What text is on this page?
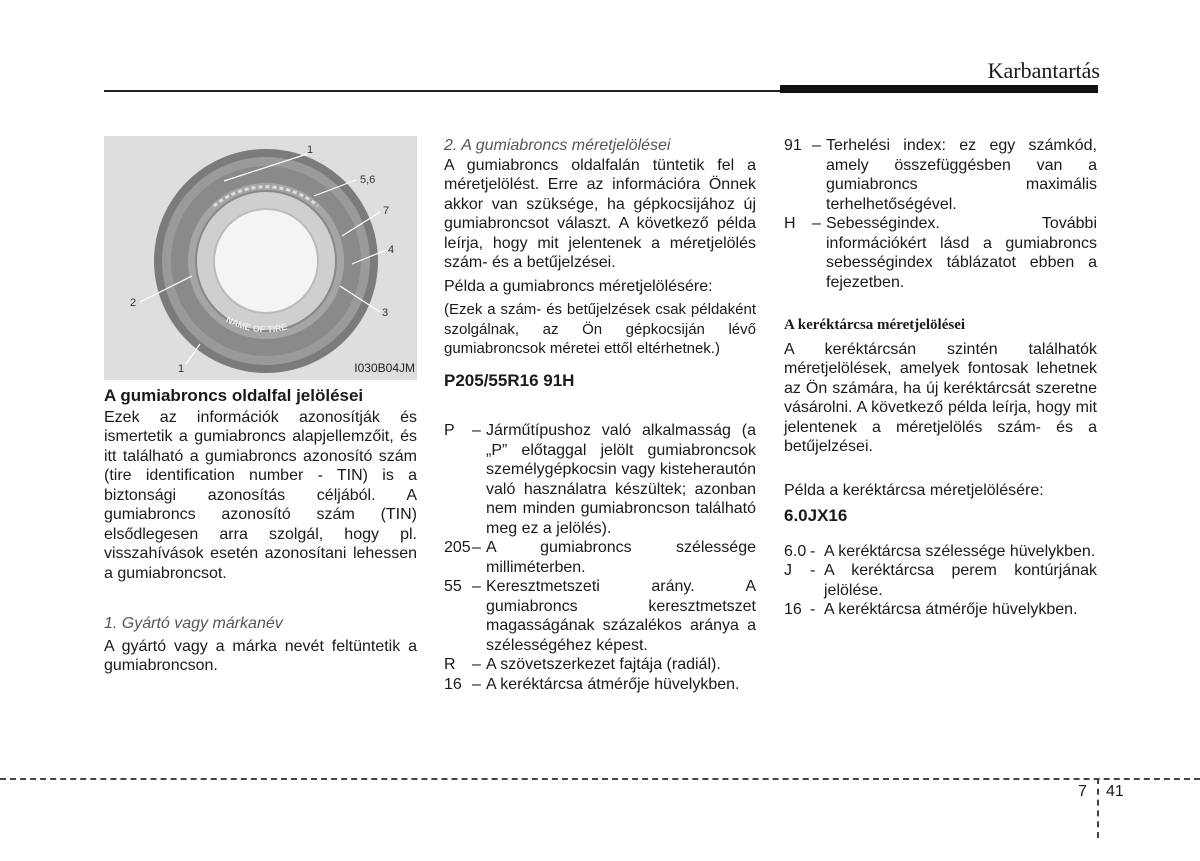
Karbantartás
NAME OF TIRE
1
5,6
7
4
2
3
1	I030B04JM
A gumiabroncs oldalfal jelölései

Ezek az információk azonosítják és ismertetik a gumiabroncs alapjellemzőit, és itt található a gumiabroncs azonosító szám (tire identification number - TIN) is a biztonsági azonosítás céljából. A gumiabroncs azonosító szám (TIN) elsődlegesen arra szolgál, hogy pl. visszahívások esetén azonosítani lehessen a gumiabroncsot.

1. Gyártó vagy márkanév

A gyártó vagy a márka nevét feltüntetik a gumiabroncson.

2. A gumiabroncs méretjelölései

A gumiabroncs oldalfalán tüntetik fel a méretjelölést. Erre az információra Önnek akkor van szüksége, ha gépkocsijához új gumiabroncsot választ. A következő példa leírja, hogy mit jelentenek a méretjelölés szám- és a betűjelzései.

Példa a gumiabroncs méretjelölésére:

(Ezek a szám- és betűjelzések csak példaként szolgálnak, az Ön gépkocsiján lévő gumiabroncsok méretei ettől eltérhetnek.)

P205/55R16 91H
P	– Járműtípushoz való alkalmasság (a „P” előtaggal jelölt gumiabroncsok személygépkocsin vagy kisteherautón való használatra készültek; azonban nem minden gumiabroncson található meg ez a jelölés).
205 – A gumiabroncs szélessége milliméterben.
55 – Keresztmetszeti arány. A gumiabroncs keresztmetszet magasságának százalékos aránya a szélességéhez képest.
R	– A szövetszerkezet fajtája (radiál).
16 – A keréktárcsa átmérője hüvelykben.
91 – Terhelési index: ez egy számkód, amely összefüggésben van a gumiabroncs maximális terhelhetőségével.
H	– Sebességindex. További információkért lásd a gumiabroncs sebességindex táblázatot ebben a fejezetben.
A keréktárcsa méretjelölései

A keréktárcsán szintén találhatók méretjelölések, amelyek fontosak lehetnek az Ön számára, ha új keréktárcsát szeretne vásárolni. A következő példa leírja, hogy mit jelentenek a méretjelölés szám- és a betűjelzései.

Példa a keréktárcsa méretjelölésére:

6.0JX16
6.0 - A keréktárcsa szélessége hüvelykben.
J	- A keréktárcsa perem kontúrjának jelölése.
16 - A keréktárcsa átmérője hüvelykben.
7 41
